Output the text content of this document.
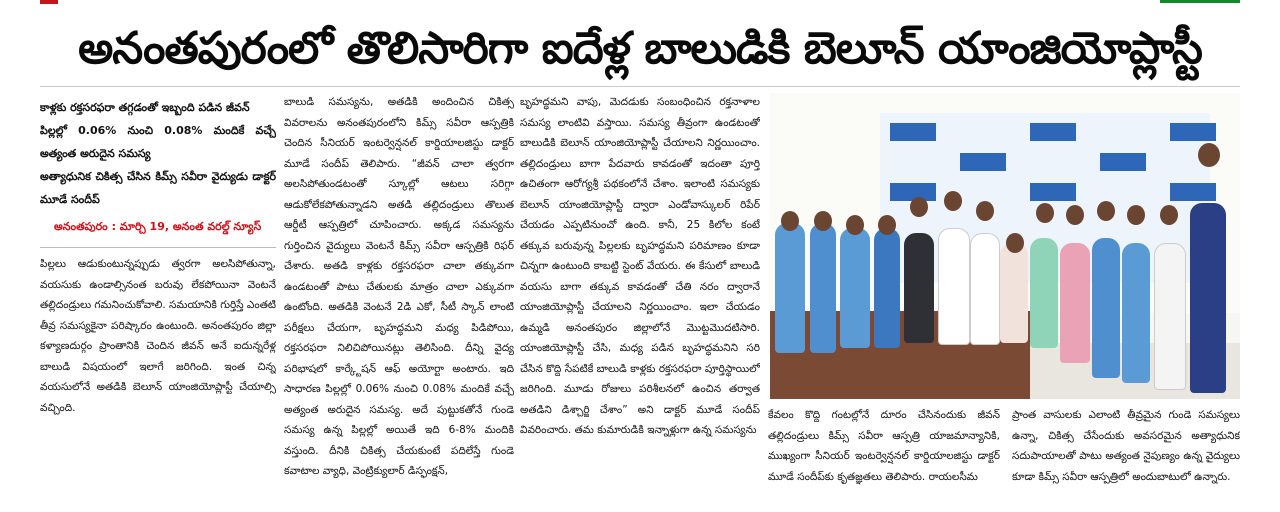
అనంతపురంలో తొలిసారిగా ఐదేళ్ల బాలుడికి బెలూన్ యాంజియోప్లాస్టీ

కాళ్లకు రక్తసరఫరా తగ్గడంతో ఇబ్బంది పడిన జీవన్

పిల్లల్లో 0.06% నుంచి 0.08% మందికే వచ్చే అత్యంత అరుదైన సమస్య

అత్యాధునిక చికిత్స చేసిన కిమ్స్ సవీరా వైద్యుడు డాక్టర్ మూడే సందీప్

అనంతపురం : మార్చి 19, అనంత వరల్డ్ న్యూస్

పిల్లలు ఆడుకుంటున్నప్పుడు త్వరగా అలసిపోతున్నా, వయసుకు ఉండాల్సినంత బరువు లేకపోయినా వెంటనే తల్లిదండ్రులు గమనించుకోవాలి. సమయానికి గుర్తిస్తే ఎంతటి తీవ్ర సమస్యకైనా పరిష్కారం ఉంటుంది. అనంతపురం జిల్లా కళ్యాణదుర్గం ప్రాంతానికి చెందిన జీవన్ అనే ఐదున్నరేళ్ల బాలుడి విషయంలో ఇలాగే జరిగింది. ఇంత చిన్న వయసులోనే అతడికి బెలూన్ యాంజియోప్లాస్టీ చేయాల్సి వచ్చింది.

బాలుడి సమస్యను, అతడికి అందించిన చికిత్స వివరాలను అనంతపురంలోని కిమ్స్ సవీరా ఆస్పత్రికి చెందిన సీనియర్ ఇంటర్వెన్షనల్ కార్డియాలజిస్టు డాక్టర్ మూడే సందీప్ తెలిపారు. “జీవన్ చాలా త్వరగా అలసిపోతుండటంతో స్కూల్లో ఆటలు సరిగ్గా ఆడుకోలేకపోతున్నాడని అతడి తల్లిదండ్రులు తొలుత ఆర్డీటీ ఆస్పత్రిలో చూపించారు. అక్కడ సమస్యను గుర్తించిన వైద్యులు వెంటనే కిమ్స్ సవీరా ఆస్పత్రికి రిఫర్ చేశారు. అతడి కాళ్లకు రక్తసరఫరా చాలా తక్కువగా ఉండటంతో పాటు చేతులకు మాత్రం చాలా ఎక్కువగా ఉంటోంది. అతడికి వెంటనే 2డి ఎకో, సీటీ స్కాన్ లాంటి పరీక్షలు చేయగా, బృహద్ధమని మధ్య పిడిపోయి, రక్తసరఫరా నిలిచిపోయినట్లు తెలిసింది. దీన్ని వైద్య పరిభాషలో కార్క్టేషన్ ఆఫ్ అయోర్టా అంటారు. ఇది సాధారణ పిల్లల్లో 0.06% నుంచి 0.08% మందికే వచ్చే అత్యంత అరుదైన సమస్య. అదే పుట్టుకతోనే గుండె సమస్య ఉన్న పిల్లల్లో అయితే ఇది 6-8% మందికి వస్తుంది. దీనికి చికిత్స చేయకుంటే పదిలేస్తే గుండె కవాటాల వ్యాధి, వెంట్రిక్యులార్ డిస్ఫంక్షన్,

బృహద్ధమని వాపు, మెదడుకు సంబంధించిన రక్తనాళాల సమస్య లాంటివి వస్తాయి. సమస్య తీవ్రంగా ఉండటంతో బాలుడికి బెలూన్ యాంజియోప్లాస్టీ చేయాలని నిర్ణయించాం. తల్లిదండ్రులు బాగా పేదవారు కావడంతో ఇదంతా పూర్తి ఉచితంగా ఆరోగ్యశ్రీ పథకంలోనే చేశాం. ఇలాంటి సమస్యకు బెలూన్ యాంజియోప్లాస్టీ ద్వారా ఎండోవాస్కులర్ రిపేర్ చేయడం ఎప్పటినుంచో ఉంది. కానీ, 25 కిలోల కంటే తక్కువ బరువున్న పిల్లలకు బృహద్ధమని పరిమాణం కూడా చిన్నగా ఉంటుంది కాబట్టి స్టెంట్ వేయరు. ఈ కేసులో బాలుడి వయసు బాగా తక్కువ కావడంతో చేతి నరం ద్వారానే యాంజియోప్లాస్టీ చేయాలని నిర్ణయించాం. ఇలా చేయడం ఉమ్మడి అనంతపురం జిల్లాలోనే మొట్టమొదటిసారి. యాంజియోప్లాస్టీ చేసి, మధ్య పడిన బృహద్ధమనిని సరి చేసిన కొద్ది సేపటికే బాలుడి కాళ్లకు రక్తసరఫరా పూర్తిస్థాయిలో జరిగింది. మూడు రోజులు పరిశీలనలో ఉంచిన తర్వాత అతడిని డిశ్చార్జి చేశాం” అని డాక్టర్ మూడే సందీప్ వివరించారు. తమ కుమారుడికి ఇన్నాళ్లుగా ఉన్న సమస్యను

కేవలం కొద్ది గంటల్లోనే దూరం చేసినందుకు జీవన్ తల్లిదండ్రులు కిమ్స్ సవీరా ఆస్పత్రి యాజమాన్యానికి, ముఖ్యంగా సీనియర్ ఇంటర్వెన్షనల్ కార్డియాలజిస్టు డాక్టర్ మూడే సందీప్‌కు కృతజ్ఞతలు తెలిపారు. రాయలసీమ

ప్రాంత వాసులకు ఎలాంటి తీవ్రమైన గుండె సమస్యలు ఉన్నా, చికిత్స చేసేందుకు అవసరమైన అత్యాధునిక సదుపాయాలతో పాటు అత్యంత నైపుణ్యం ఉన్న వైద్యులు కూడా కిమ్స్ సవీరా ఆస్పత్రిలో అందుబాటులో ఉన్నారు.
